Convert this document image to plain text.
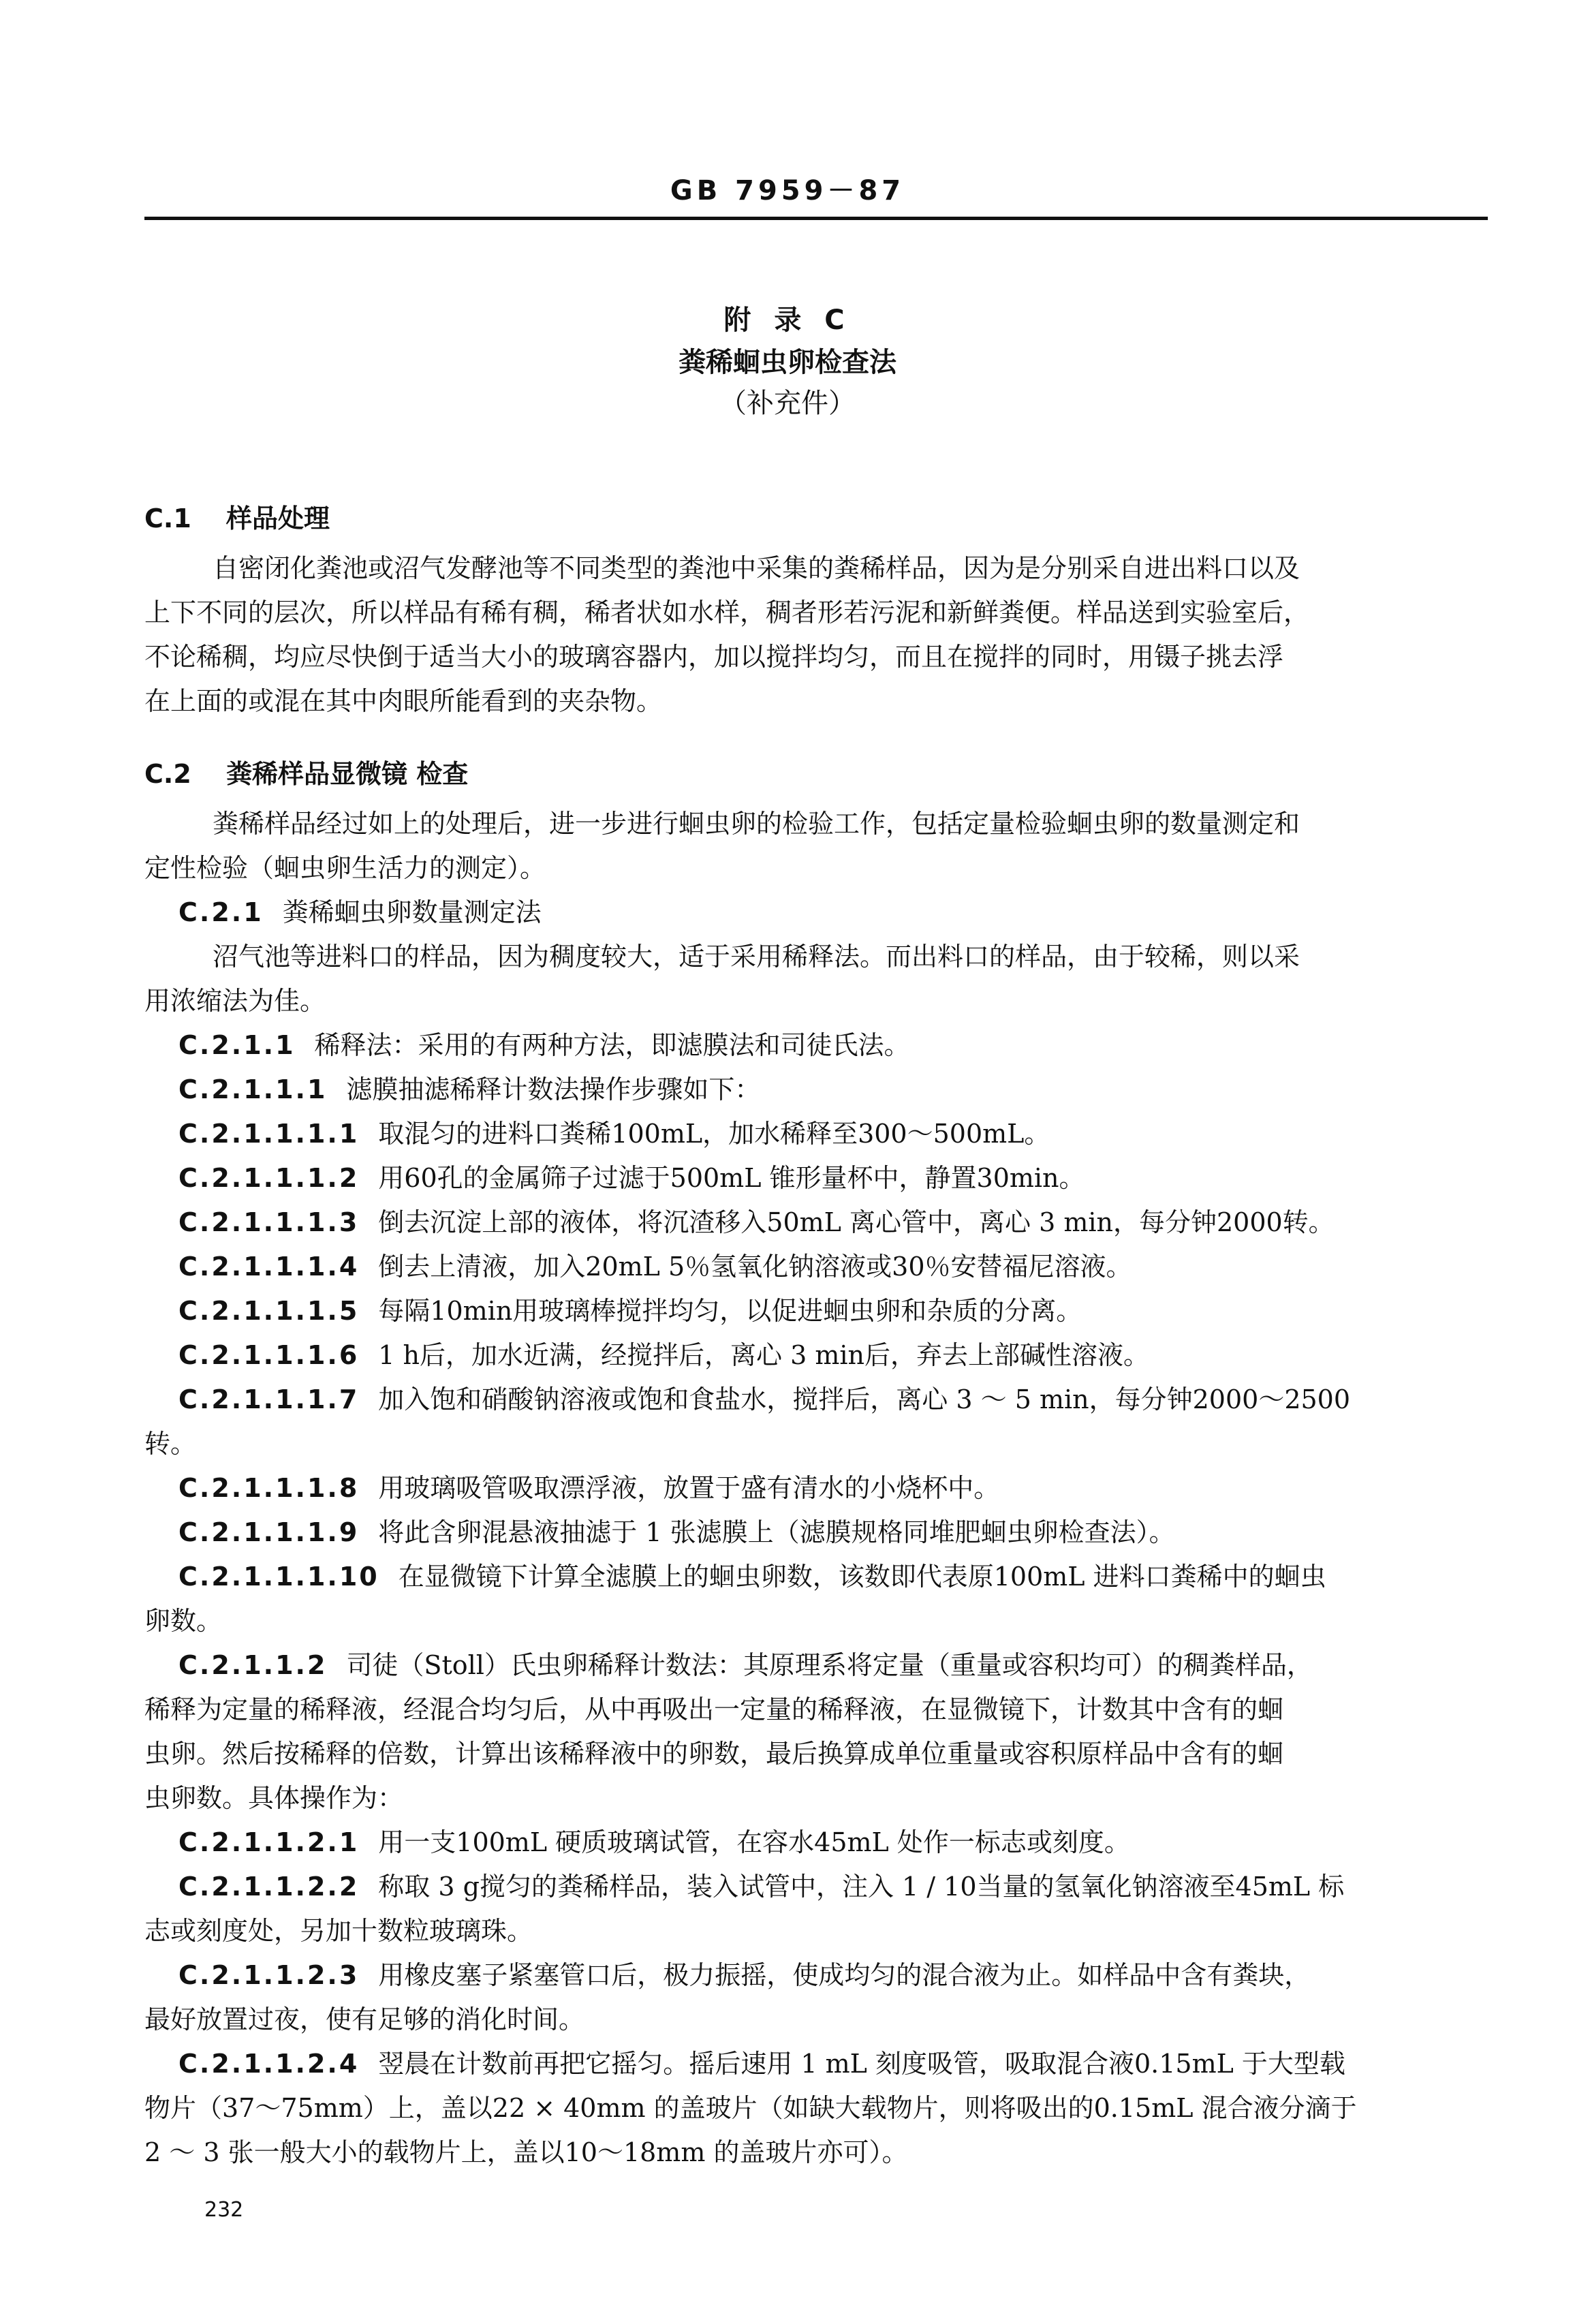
GB 7959－87
附 录 C
粪稀蛔虫卵检查法
（补充件）
C.1 样品处理
自密闭化粪池或沼气发酵池等不同类型的粪池中采集的粪稀样品，因为是分别采自进出料口以及
上下不同的层次，所以样品有稀有稠，稀者状如水样，稠者形若污泥和新鲜粪便。样品送到实验室后，
不论稀稠，均应尽快倒于适当大小的玻璃容器内，加以搅拌均匀，而且在搅拌的同时，用镊子挑去浮
在上面的或混在其中肉眼所能看到的夹杂物。
C.2 粪稀样品显微镜 检查
粪稀样品经过如上的处理后，进一步进行蛔虫卵的检验工作，包括定量检验蛔虫卵的数量测定和
定性检验（蛔虫卵生活力的测定）。
C.2.1 粪稀蛔虫卵数量测定法
沼气池等进料口的样品，因为稠度较大，适于采用稀释法。而出料口的样品，由于较稀，则以采
用浓缩法为佳。
C.2.1.1 稀释法：采用的有两种方法，即滤膜法和司徒氏法。
C.2.1.1.1 滤膜抽滤稀释计数法操作步骤如下：
C.2.1.1.1.1 取混匀的进料口粪稀100mL，加水稀释至300～500mL。
C.2.1.1.1.2 用60孔的金属筛子过滤于500mL 锥形量杯中，静置30min。
C.2.1.1.1.3 倒去沉淀上部的液体，将沉渣移入50mL 离心管中，离心 3 min，每分钟2000转。
C.2.1.1.1.4 倒去上清液，加入20mL 5％氢氧化钠溶液或30％安替福尼溶液。
C.2.1.1.1.5 每隔10min用玻璃棒搅拌均匀，以促进蛔虫卵和杂质的分离。
C.2.1.1.1.6 1 h后，加水近满，经搅拌后，离心 3 min后，弃去上部碱性溶液。
C.2.1.1.1.7 加入饱和硝酸钠溶液或饱和食盐水，搅拌后，离心 3 ～ 5 min，每分钟2000～2500
转。
C.2.1.1.1.8 用玻璃吸管吸取漂浮液，放置于盛有清水的小烧杯中。
C.2.1.1.1.9 将此含卵混悬液抽滤于 1 张滤膜上（滤膜规格同堆肥蛔虫卵检查法）。
C.2.1.1.1.10 在显微镜下计算全滤膜上的蛔虫卵数，该数即代表原100mL 进料口粪稀中的蛔虫
卵数。
C.2.1.1.2 司徒（Stoll）氏虫卵稀释计数法：其原理系将定量（重量或容积均可）的稠粪样品，
稀释为定量的稀释液，经混合均匀后，从中再吸出一定量的稀释液，在显微镜下，计数其中含有的蛔
虫卵。然后按稀释的倍数，计算出该稀释液中的卵数，最后换算成单位重量或容积原样品中含有的蛔
虫卵数。具体操作为：
C.2.1.1.2.1 用一支100mL 硬质玻璃试管，在容水45mL 处作一标志或刻度。
C.2.1.1.2.2 称取 3 g搅匀的粪稀样品，装入试管中，注入 1 / 10当量的氢氧化钠溶液至45mL 标
志或刻度处，另加十数粒玻璃珠。
C.2.1.1.2.3 用橡皮塞子紧塞管口后，极力振摇，使成均匀的混合液为止。如样品中含有粪块，
最好放置过夜，使有足够的消化时间。
C.2.1.1.2.4 翌晨在计数前再把它摇匀。摇后速用 1 mL 刻度吸管，吸取混合液0.15mL 于大型载
物片（37～75mm）上，盖以22 × 40mm 的盖玻片（如缺大载物片，则将吸出的0.15mL 混合液分滴于
2 ～ 3 张一般大小的载物片上，盖以10～18mm 的盖玻片亦可）。
232
